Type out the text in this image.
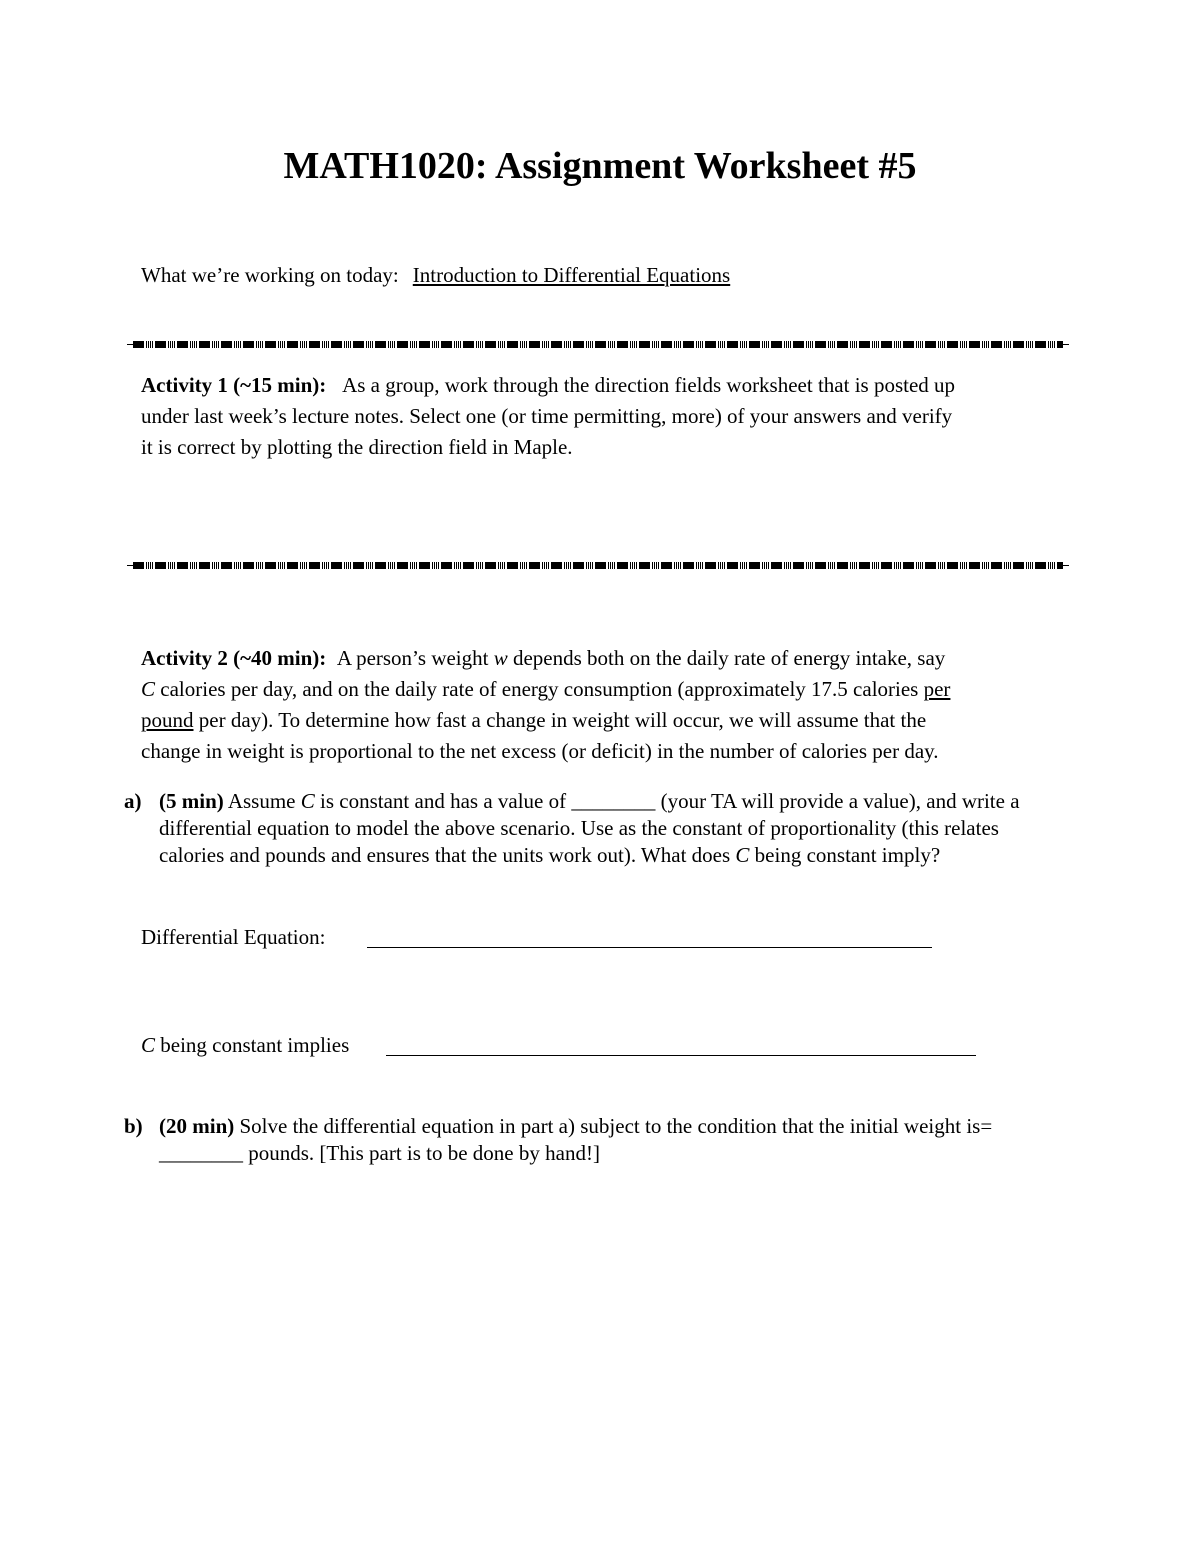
MATH1020: Assignment Worksheet #5
What we’re working on today: Introduction to Differential Equations
Activity 1 (~15 min): As a group, work through the direction fields worksheet that is posted up
under last week’s lecture notes. Select one (or time permitting, more) of your answers and verify
it is correct by plotting the direction field in Maple.
Activity 2 (~40 min): A person’s weight w depends both on the daily rate of energy intake, say
C calories per day, and on the daily rate of energy consumption (approximately 17.5 calories per
pound per day). To determine how fast a change in weight will occur, we will assume that the
change in weight is proportional to the net excess (or deficit) in the number of calories per day.
a) (5 min) Assume C is constant and has a value of ________ (your TA will provide a value), and write a
differential equation to model the above scenario. Use as the constant of proportionality (this relates
calories and pounds and ensures that the units work out). What does C being constant imply?
Differential Equation:
C being constant implies
b) (20 min) Solve the differential equation in part a) subject to the condition that the initial weight is=
________ pounds. [This part is to be done by hand!]
